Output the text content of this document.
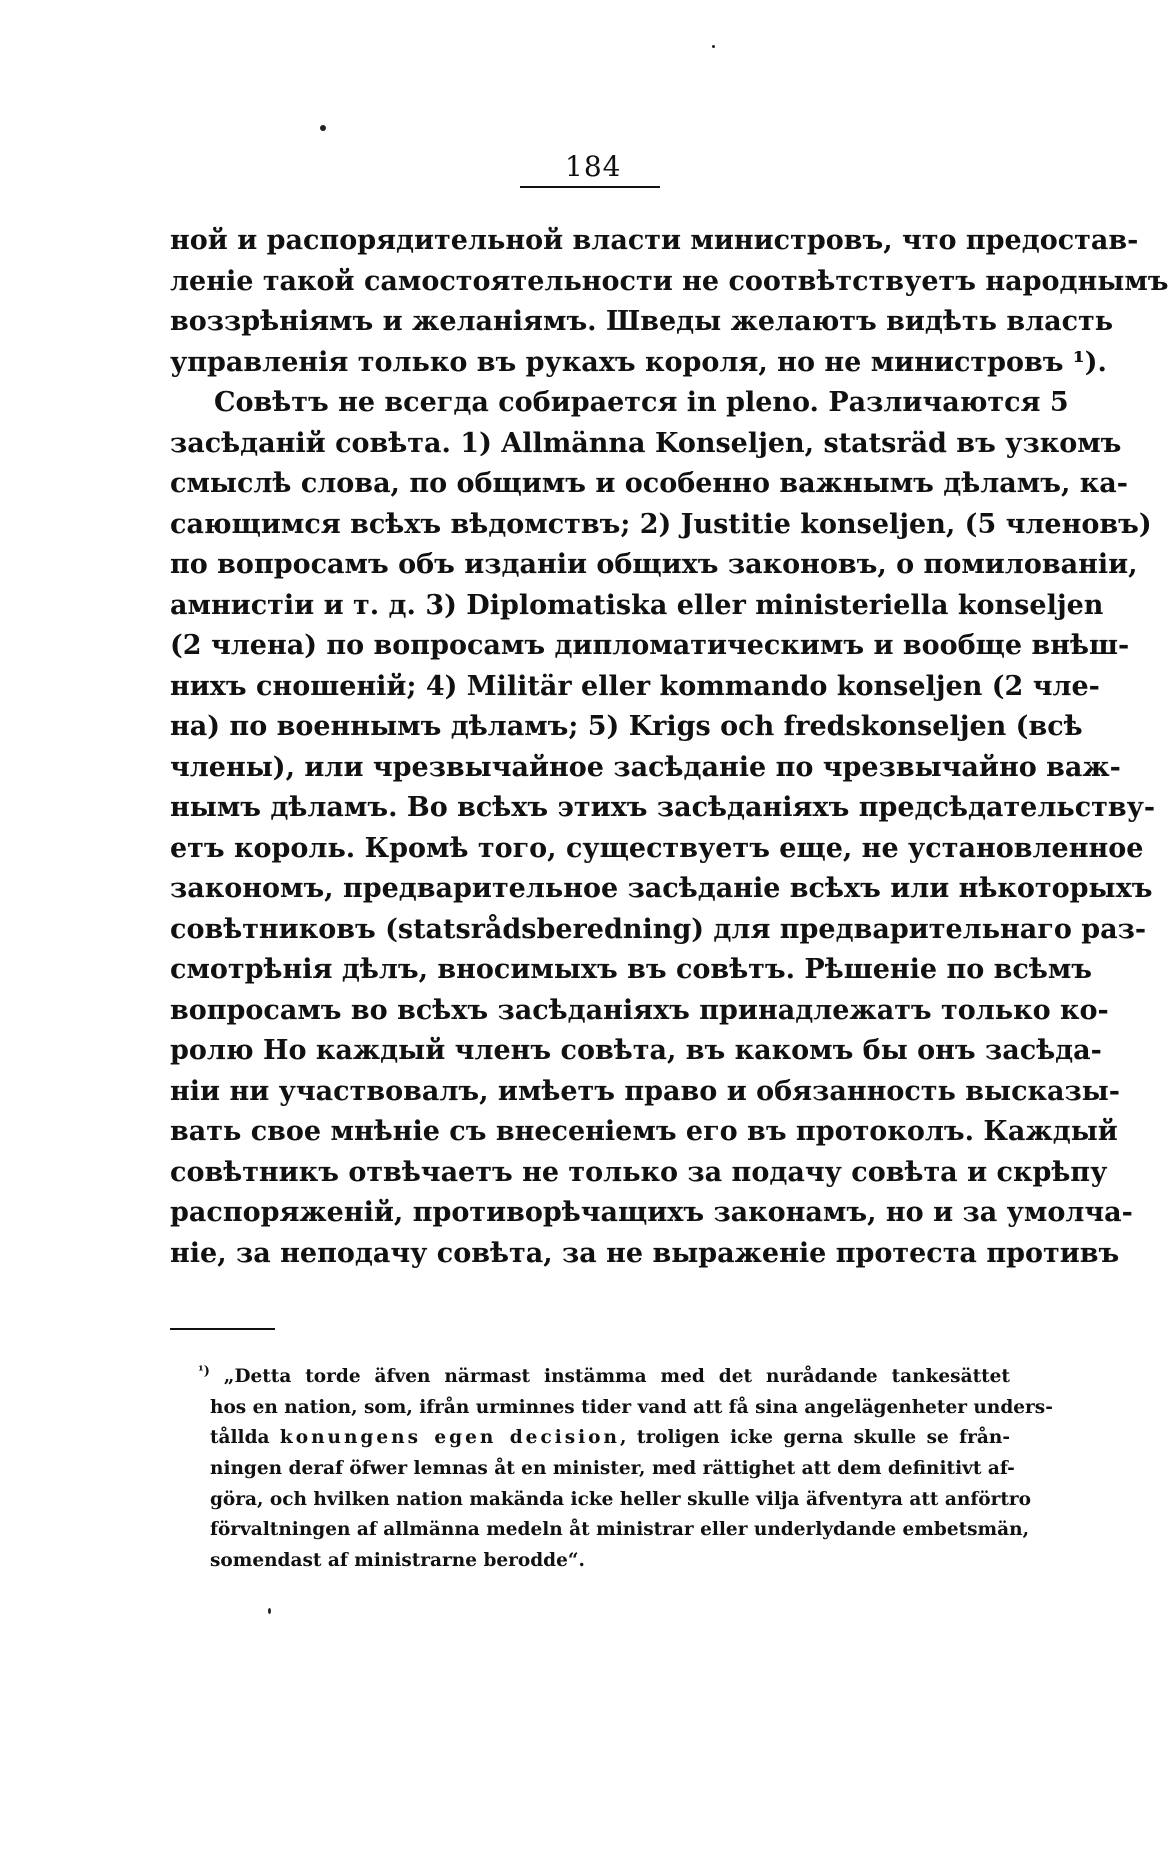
184
ной и распорядительной власти министровъ, что предостав-
леніе такой самостоятельности не соотвѣтствуетъ народнымъ
воззрѣніямъ и желаніямъ. Шведы желаютъ видѣть власть
управленія только въ рукахъ короля, но не министровъ ¹).
Совѣтъ не всегда собирается in pleno. Различаются 5
засѣданій совѣта. 1) Allmänna Konseljen, statsräd въ узкомъ
смыслѣ слова, по общимъ и особенно важнымъ дѣламъ, ка-
сающимся всѣхъ вѣдомствъ; 2) Justitie konseljen, (5 членовъ)
по вопросамъ объ изданіи общихъ законовъ, о помилованіи,
амнистіи и т. д. 3) Diplomatiska eller ministeriella konseljen
(2 члена) по вопросамъ дипломатическимъ и вообще внѣш-
нихъ сношеній; 4) Militär eller kommando konseljen (2 чле-
на) по военнымъ дѣламъ; 5) Krigs och fredskonseljen (всѣ
члены), или чрезвычайное засѣданіе по чрезвычайно важ-
нымъ дѣламъ. Во всѣхъ этихъ засѣданіяхъ предсѣдательству-
етъ король. Кромѣ того, существуетъ еще, не установленное
закономъ, предварительное засѣданіе всѣхъ или нѣкоторыхъ
совѣтниковъ (statsrådsberedning) для предварительнаго раз-
смотрѣнія дѣлъ, вносимыхъ въ совѣтъ. Рѣшеніе по всѣмъ
вопросамъ во всѣхъ засѣданіяхъ принадлежатъ только ко-
ролю Но каждый членъ совѣта, въ какомъ бы онъ засѣда-
ніи ни участвовалъ, имѣетъ право и обязанность высказы-
вать свое мнѣніе съ внесеніемъ его въ протоколъ. Каждый
совѣтникъ отвѣчаетъ не только за подачу совѣта и скрѣпу
распоряженій, противорѣчащихъ законамъ, но и за умолча-
ніе, за неподачу совѣта, за не выраженіе протеста противъ
$^{^1)}$ „Detta torde äfven närmast instämma med det nurådande tankesättet
hos en nation, som, ifrån urminnes tider vand att få sina angelägenheter unders-
tållda konungens egen decision, troligen icke gerna skulle se från-
ningen deraf öfwer lemnas åt en minister, med rättighet att dem definitivt af-
göra, och hvilken nation makända icke heller skulle vilja äfventyra att anförtro
förvaltningen af allmänna medeln åt ministrar eller underlydande embetsmän,
somendast af ministrarne beroddе“.
